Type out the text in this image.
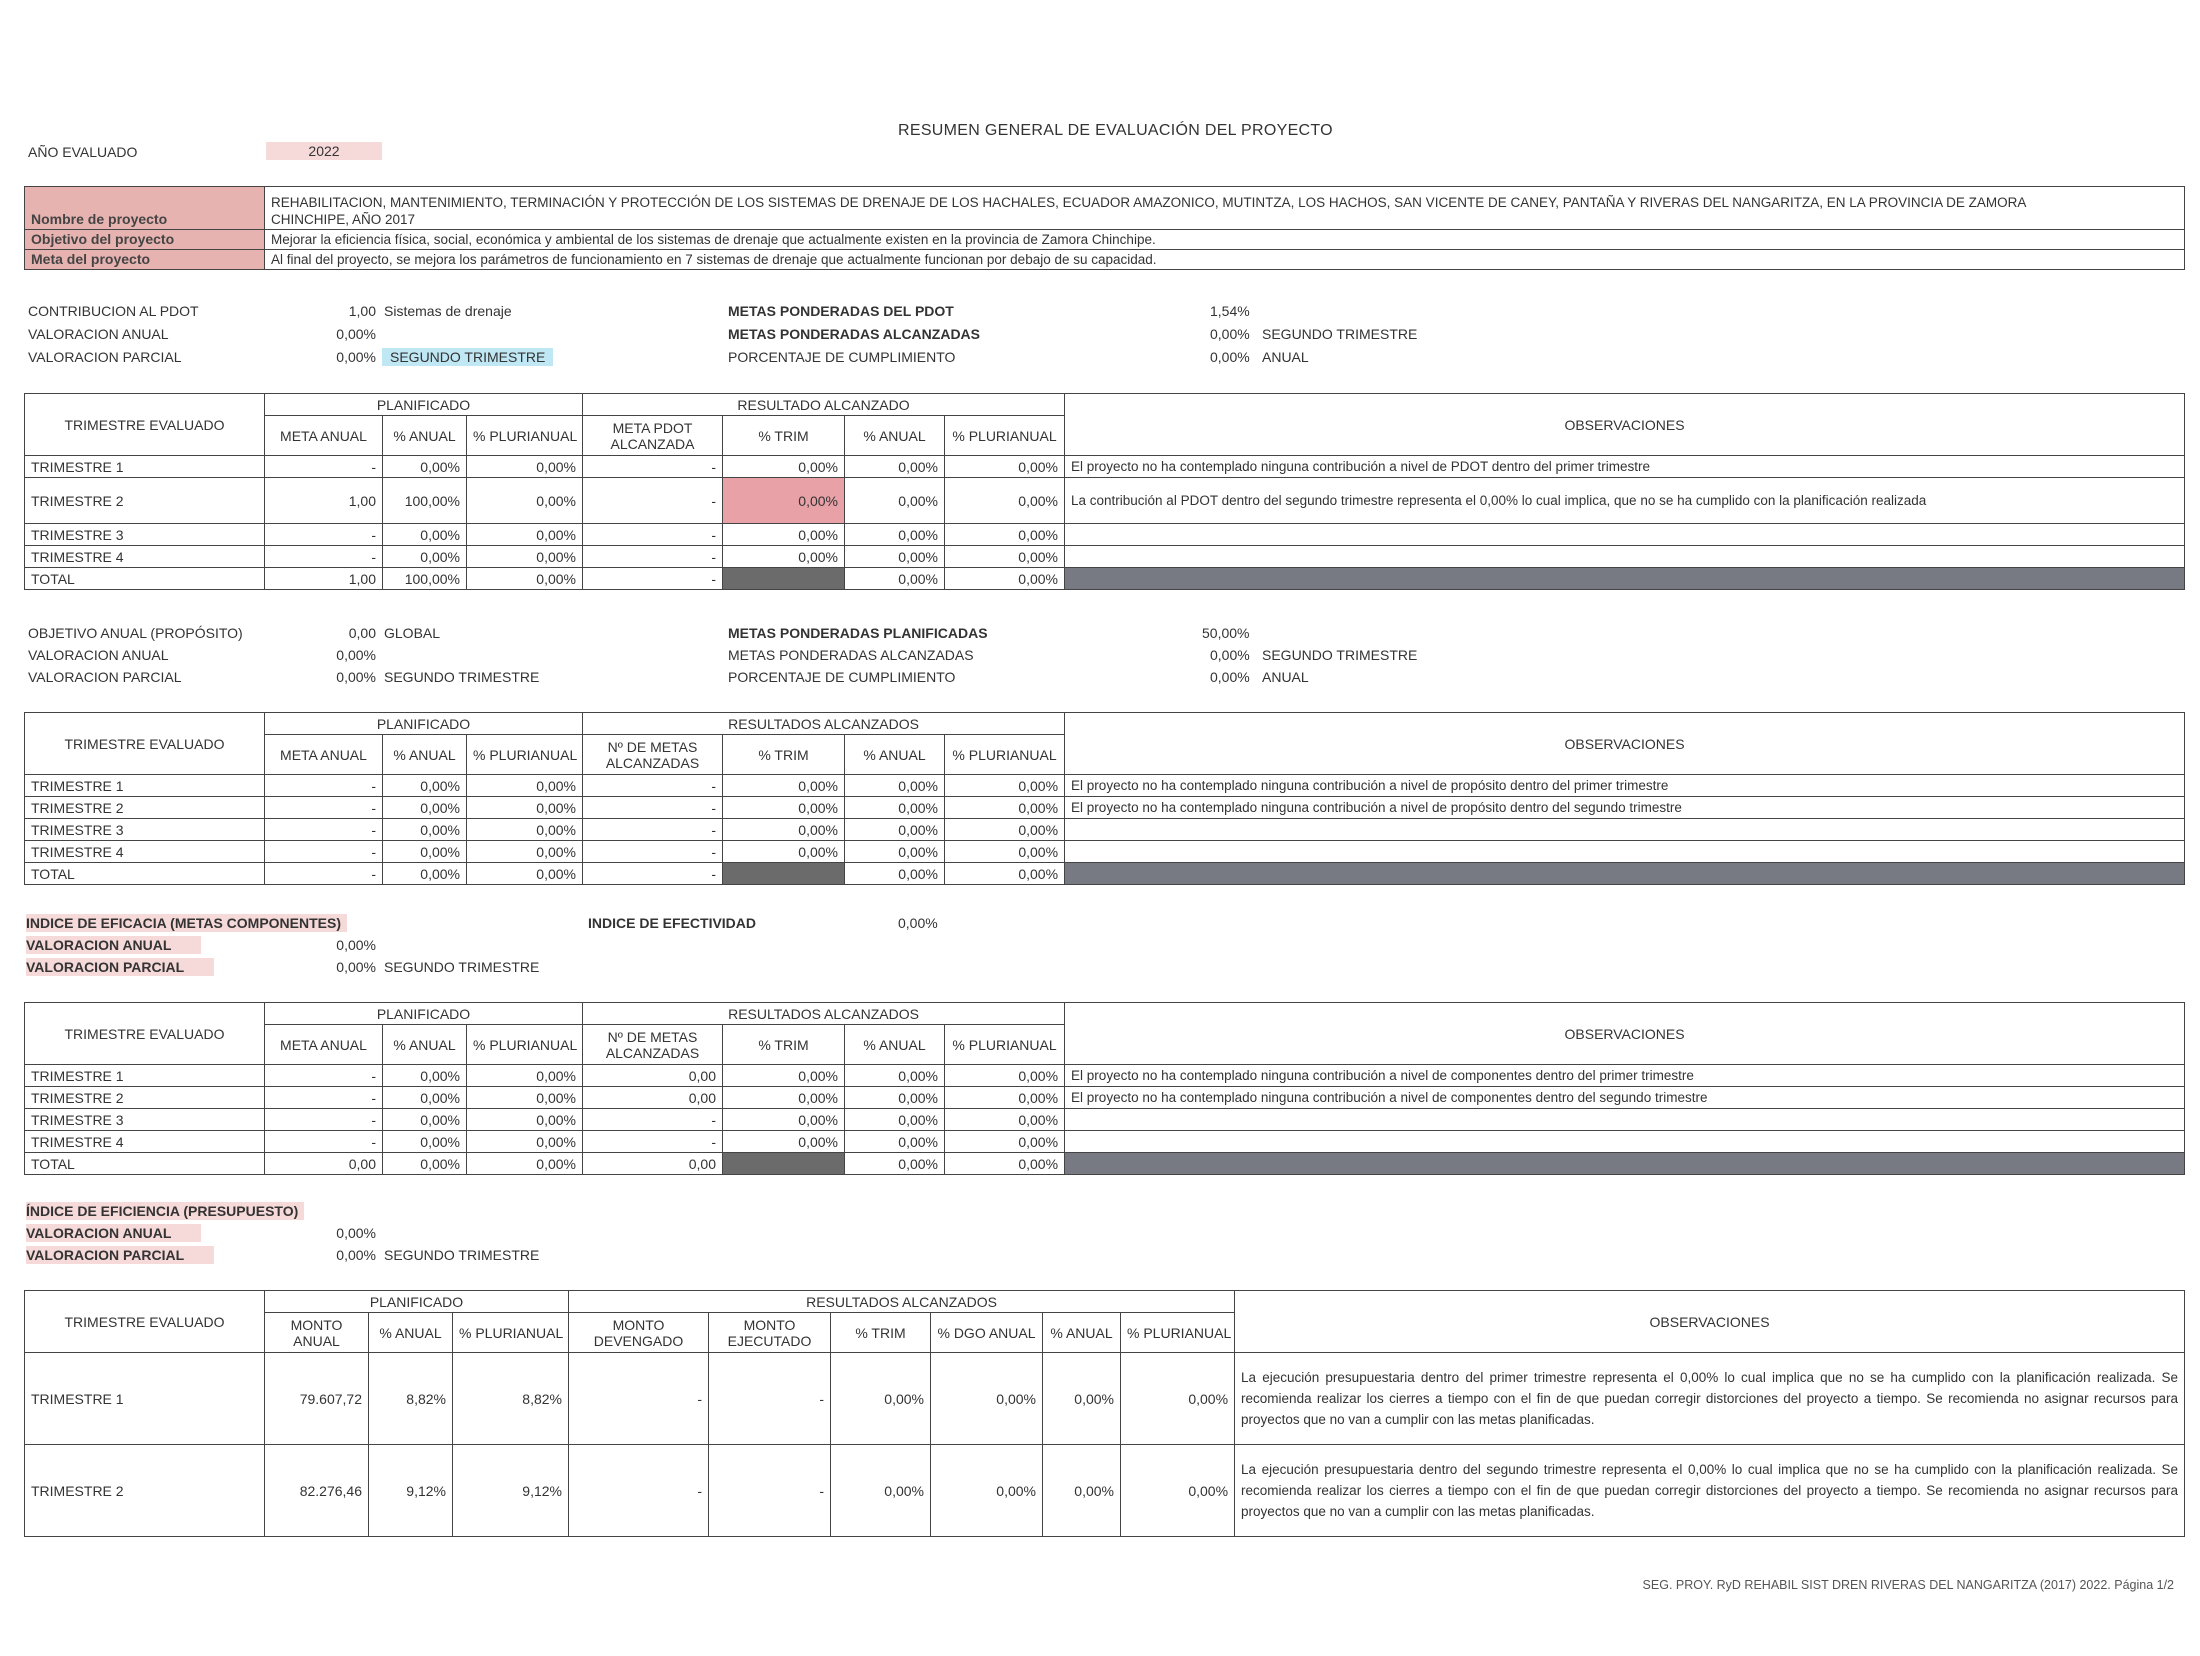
RESUMEN GENERAL DE EVALUACIÓN DEL PROYECTO
AÑO EVALUADO	2022
Nombre de proyecto	REHABILITACION, MANTENIMIENTO, TERMINACIÓN Y PROTECCIÓN DE LOS SISTEMAS DE DRENAJE DE LOS HACHALES, ECUADOR AMAZONICO, MUTINTZA, LOS HACHOS, SAN VICENTE DE CANEY, PANTAÑA Y RIVERAS DEL NANGARITZA, EN LA PROVINCIA DE ZAMORA
CHINCHIPE, AÑO 2017

Objetivo del proyecto	Mejorar la eficiencia física, social, económica y ambiental de los sistemas de drenaje que actualmente existen en la provincia de Zamora Chinchipe.
Meta del proyecto	Al final del proyecto, se mejora los parámetros de funcionamiento en 7 sistemas de drenaje que actualmente funcionan por debajo de su capacidad.
CONTRIBUCION AL PDOT	1,00 Sistemas de drenaje
VALORACION ANUAL	0,00%
VALORACION PARCIAL	0,00%	SEGUNDO TRIMESTRE
METAS PONDERADAS DEL PDOT	1,54%
METAS PONDERADAS ALCANZADAS	0,00% SEGUNDO TRIMESTRE
PORCENTAJE DE CUMPLIMIENTO	0,00% ANUAL
TRIMESTRE EVALUADO	PLANIFICADO			RESULTADO ALCANZADO				OBSERVACIONES
	META ANUAL	% ANUAL	% PLURIANUAL	META PDOT ALCANZADA	% TRIM	% ANUAL	% PLURIANUAL	
TRIMESTRE 1	-	0,00%	0,00%	-	0,00%	0,00%	0,00%	El proyecto no ha contemplado ninguna contribución a nivel de PDOT dentro del primer trimestre
TRIMESTRE 2	1,00	100,00%	0,00%	-	0,00%	0,00%	0,00%	La contribución al PDOT dentro del segundo trimestre representa el 0,00% lo cual implica, que no se ha cumplido con la planificación realizada
TRIMESTRE 3	-	0,00%	0,00%	-	0,00%	0,00%	0,00%	
TRIMESTRE 4	-	0,00%	0,00%	-	0,00%	0,00%	0,00%	
TOTAL	1,00	100,00%	0,00%	-		0,00%	0,00%	
OBJETIVO ANUAL (PROPÓSITO)	0,00 GLOBAL
VALORACION ANUAL	0,00%
VALORACION PARCIAL	0,00% SEGUNDO TRIMESTRE
METAS PONDERADAS PLANIFICADAS	50,00%
METAS PONDERADAS ALCANZADAS	0,00% SEGUNDO TRIMESTRE
PORCENTAJE DE CUMPLIMIENTO	0,00% ANUAL
TRIMESTRE EVALUADO	PLANIFICADO			RESULTADOS ALCANZADOS				OBSERVACIONES
	META ANUAL	% ANUAL	% PLURIANUAL	Nº DE METAS ALCANZADAS	% TRIM	% ANUAL	% PLURIANUAL	
TRIMESTRE 1	-	0,00%	0,00%	-	0,00%	0,00%	0,00%	El proyecto no ha contemplado ninguna contribución a nivel de propósito dentro del primer trimestre
TRIMESTRE 2	-	0,00%	0,00%	-	0,00%	0,00%	0,00%	El proyecto no ha contemplado ninguna contribución a nivel de propósito dentro del segundo trimestre
TRIMESTRE 3	-	0,00%	0,00%	-	0,00%	0,00%	0,00%	
TRIMESTRE 4	-	0,00%	0,00%	-	0,00%	0,00%	0,00%	
TOTAL	-	0,00%	0,00%	-		0,00%	0,00%	
INDICE DE EFICACIA (METAS COMPONENTES)
VALORACION ANUAL	0,00%
VALORACION PARCIAL	0,00% SEGUNDO TRIMESTRE
INDICE DE EFECTIVIDAD	0,00%
TRIMESTRE EVALUADO	PLANIFICADO			RESULTADOS ALCANZADOS				OBSERVACIONES
	META ANUAL	% ANUAL	% PLURIANUAL	Nº DE METAS ALCANZADAS	% TRIM	% ANUAL	% PLURIANUAL	
TRIMESTRE 1	-	0,00%	0,00%	0,00	0,00%	0,00%	0,00%	El proyecto no ha contemplado ninguna contribución a nivel de componentes dentro del primer trimestre
TRIMESTRE 2	-	0,00%	0,00%	0,00	0,00%	0,00%	0,00%	El proyecto no ha contemplado ninguna contribución a nivel de componentes dentro del segundo trimestre
TRIMESTRE 3	-	0,00%	0,00%	-	0,00%	0,00%	0,00%	
TRIMESTRE 4	-	0,00%	0,00%	-	0,00%	0,00%	0,00%	
TOTAL	0,00	0,00%	0,00%	0,00		0,00%	0,00%	
ÍNDICE DE EFICIENCIA (PRESUPUESTO)
VALORACION ANUAL	0,00%
VALORACION PARCIAL	0,00% SEGUNDO TRIMESTRE
TRIMESTRE EVALUADO	PLANIFICADO			RESULTADOS ALCANZADOS						OBSERVACIONES
	MONTO ANUAL	% ANUAL	% PLURIANUAL	MONTO DEVENGADO	MONTO EJECUTADO	% TRIM	% DGO ANUAL	% ANUAL	% PLURIANUAL	
TRIMESTRE 1	79.607,72	8,82%	8,82%	-	-	0,00%	0,00%	0,00%	0,00%	La ejecución presupuestaria dentro del primer trimestre representa el 0,00% lo cual implica que no se ha cumplido con la planificación realizada. Se recomienda realizar los cierres a tiempo con el fin de que puedan corregir distorciones del proyecto a tiempo. Se recomienda no asignar recursos para proyectos que no van a cumplir con las metas planificadas.
TRIMESTRE 2	82.276,46	9,12%	9,12%	-	-	0,00%	0,00%	0,00%	0,00%	La ejecución presupuestaria dentro del segundo trimestre representa el 0,00% lo cual implica que no se ha cumplido con la planificación realizada. Se recomienda realizar los cierres a tiempo con el fin de que puedan corregir distorciones del proyecto a tiempo. Se recomienda no asignar recursos para proyectos que no van a cumplir con las metas planificadas.
SEG. PROY. RyD REHABIL SIST DREN RIVERAS DEL NANGARITZA (2017) 2022. Página 1/2
